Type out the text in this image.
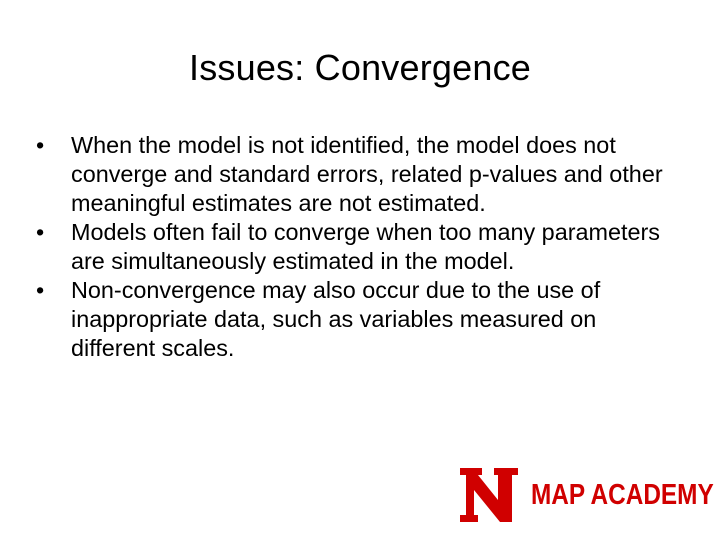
Issues: Convergence
•	When the model is not identified, the model does not converge and standard errors, related p-values and other meaningful estimates are not estimated.
•	Models often fail to converge when too many parameters are simultaneously estimated in the model.
•	Non-convergence may also occur due to the use of inappropriate data, such as variables measured on different scales.
MAP ACADEMY
